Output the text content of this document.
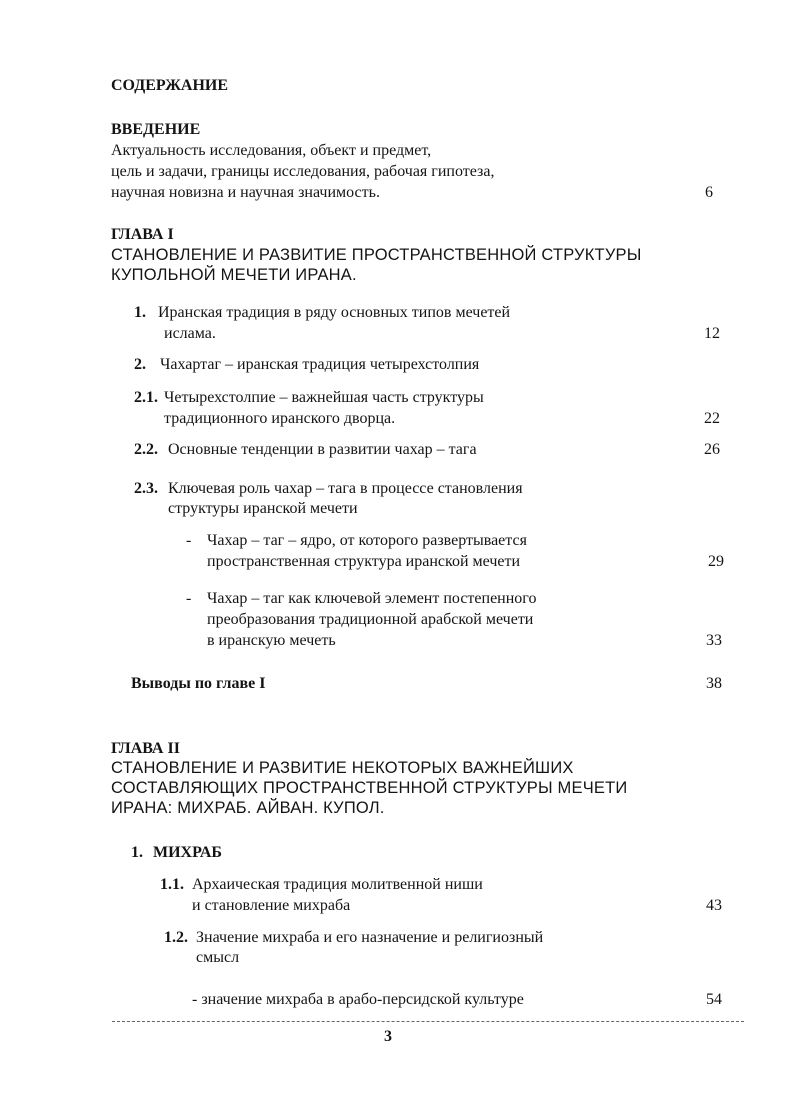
СОДЕРЖАНИЕ
ВВЕДЕНИЕ
Актуальность исследования, объект и предмет,
цель и задачи, границы исследования, рабочая гипотеза,
научная новизна и научная значимость.	6
ГЛАВА I
СТАНОВЛЕНИЕ И РАЗВИТИЕ ПРОСТРАНСТВЕННОЙ СТРУКТУРЫ
КУПОЛЬНОЙ МЕЧЕТИ ИРАНА.
1. Иранская традиция в ряду основных типов мечетей
ислама.	12
2. Чахартаг – иранская традиция четырехстолпия
2.1. Четырехстолпие – важнейшая часть структуры
традиционного иранского дворца.	22
2.2. Основные тенденции в развитии чахар – тага	26
2.3. Ключевая роль чахар – тага в процессе становления
структуры иранской мечети
- Чахар – таг – ядро, от которого развертывается
пространственная структура иранской мечети	29
- Чахар – таг как ключевой элемент постепенного
преобразования традиционной арабской мечети
в иранскую мечеть	33
Выводы по главе I	38
ГЛАВА II
СТАНОВЛЕНИЕ И РАЗВИТИЕ НЕКОТОРЫХ ВАЖНЕЙШИХ
СОСТАВЛЯЮЩИХ ПРОСТРАНСТВЕННОЙ СТРУКТУРЫ МЕЧЕТИ
ИРАНА: МИХРАБ. АЙВАН. КУПОЛ.
1. МИХРАБ
1.1. Архаическая традиция молитвенной ниши
и становление михраба	43
1.2. Значение михраба и его назначение и религиозный
смысл
- значение михраба в арабо-персидской культуре	54
3
